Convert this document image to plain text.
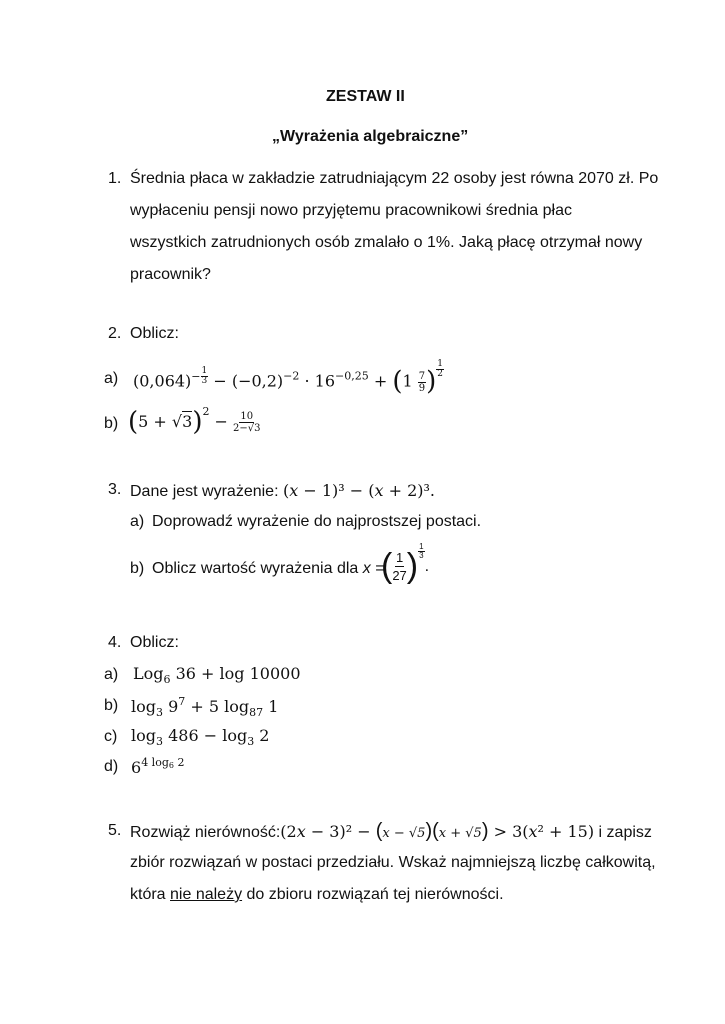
ZESTAW II
„Wyrażenia algebraiczne”
1. Średnia płaca w zakładzie zatrudniającym 22 osoby jest równa 2070 zł. Po
wypłaceniu pensji nowo przyjętemu pracownikowi średnia płac
wszystkich zatrudnionych osób zmalało o 1%. Jaką płacę otrzymał nowy
pracownik?
2. Oblicz:
a) $(0,064)^{- \frac{1}{3}} - (-0,2)^{-2} \cdot 16^{-0,25} + (1 \frac{7}{9}$ ) $^{\frac{1}{2}}$
b) $(5 + √3)^2 - \frac{10}{2-√3}$
3. Dane jest wyrażenie: (𝑥 − 1)³ − (𝑥 + 2)³.
a) Doprowadź wyrażenie do najprostszej postaci.
b) Oblicz wartość wyrażenia dla x =
( $\frac{1}{27}$ ) $\frac{1}{3}$
.
4. Oblicz:
a) Log$_6$ 36 + log 10000
b) $\log_3 9^7 + 5$ $\log_{87} 1$
c) $\log_3 486 - \log_3 2$
d) $6^{4 log6 2}$
5. Rozwiąż nierówność:(2𝑥 − 3)² − (x − √5)(x + √5) > 3(𝑥² + 15) i zapisz
zbiór rozwiązań w postaci przedziału. Wskaż najmniejszą liczbę całkowitą,
która nie należy do zbioru rozwiązań tej nierówności.
